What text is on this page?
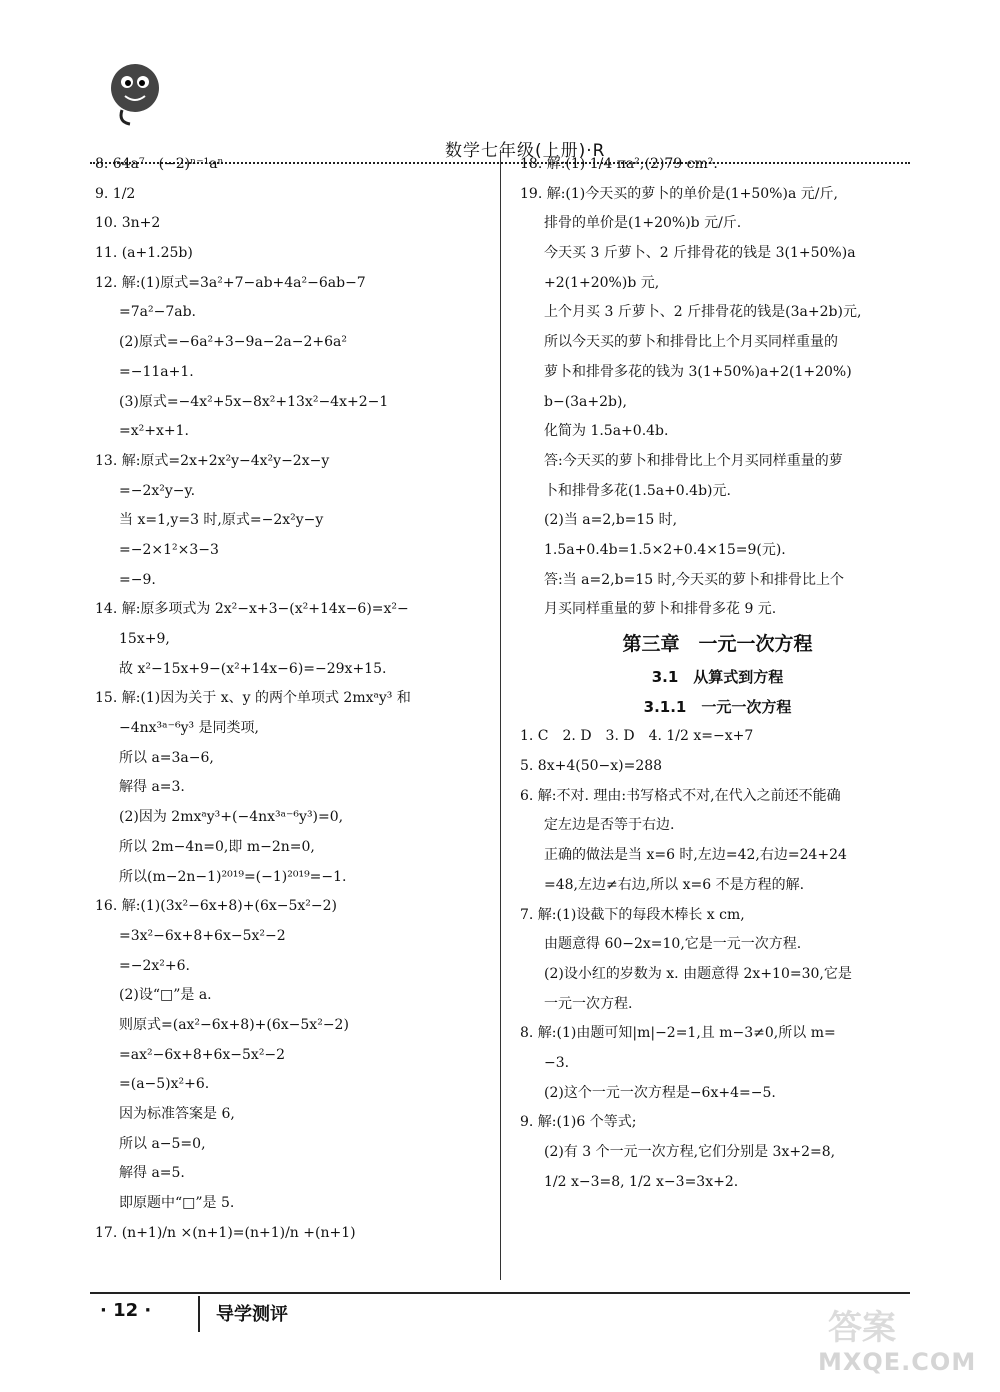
数学七年级(上册)·R
8. 64a⁷　(−2)ⁿ⁻¹aⁿ
9. 1/2
10. 3n+2
11. (a+1.25b)
12. 解:(1)原式=3a²+7−ab+4a²−6ab−7
=7a²−7ab.
(2)原式=−6a²+3−9a−2a−2+6a²
=−11a+1.
(3)原式=−4x²+5x−8x²+13x²−4x+2−1
=x²+x+1.
13. 解:原式=2x+2x²y−4x²y−2x−y
=−2x²y−y.
当 x=1,y=3 时,原式=−2x²y−y
=−2×1²×3−3
=−9.
14. 解:原多项式为 2x²−x+3−(x²+14x−6)=x²−
15x+9,
故 x²−15x+9−(x²+14x−6)=−29x+15.
15. 解:(1)因为关于 x、y 的两个单项式 2mxᵃy³ 和
−4nx³ᵃ⁻⁶y³ 是同类项,
所以 a=3a−6,
解得 a=3.
(2)因为 2mxᵃy³+(−4nx³ᵃ⁻⁶y³)=0,
所以 2m−4n=0,即 m−2n=0,
所以(m−2n−1)²⁰¹⁹=(−1)²⁰¹⁹=−1.
16. 解:(1)(3x²−6x+8)+(6x−5x²−2)
=3x²−6x+8+6x−5x²−2
=−2x²+6.
(2)设“□”是 a.
则原式=(ax²−6x+8)+(6x−5x²−2)
=ax²−6x+8+6x−5x²−2
=(a−5)x²+6.
因为标准答案是 6,
所以 a−5=0,
解得 a=5.
即原题中“□”是 5.
17. (n+1)/n ×(n+1)=(n+1)/n +(n+1)
18. 解:(1) 1/4 πa²;(2)79 cm².
19. 解:(1)今天买的萝卜的单价是(1+50%)a 元/斤,
排骨的单价是(1+20%)b 元/斤.
今天买 3 斤萝卜、2 斤排骨花的钱是 3(1+50%)a
+2(1+20%)b 元,
上个月买 3 斤萝卜、2 斤排骨花的钱是(3a+2b)元,
所以今天买的萝卜和排骨比上个月买同样重量的
萝卜和排骨多花的钱为 3(1+50%)a+2(1+20%)
b−(3a+2b),
化简为 1.5a+0.4b.
答:今天买的萝卜和排骨比上个月买同样重量的萝
卜和排骨多花(1.5a+0.4b)元.
(2)当 a=2,b=15 时,
1.5a+0.4b=1.5×2+0.4×15=9(元).
答:当 a=2,b=15 时,今天买的萝卜和排骨比上个
月买同样重量的萝卜和排骨多花 9 元.
第三章　一元一次方程
3.1　从算式到方程
3.1.1　一元一次方程
1. C　2. D　3. D　4. 1/2 x=−x+7
5. 8x+4(50−x)=288
6. 解:不对. 理由:书写格式不对,在代入之前还不能确
定左边是否等于右边.
正确的做法是当 x=6 时,左边=42,右边=24+24
=48,左边≠右边,所以 x=6 不是方程的解.
7. 解:(1)设截下的每段木棒长 x cm,
由题意得 60−2x=10,它是一元一次方程.
(2)设小红的岁数为 x. 由题意得 2x+10=30,它是
一元一次方程.
8. 解:(1)由题可知|m|−2=1,且 m−3≠0,所以 m=
−3.
(2)这个一元一次方程是−6x+4=−5.
9. 解:(1)6 个等式;
(2)有 3 个一元一次方程,它们分别是 3x+2=8,
1/2 x−3=8, 1/2 x−3=3x+2.
· 12 ·	导学测评	答案
MXQE.COM
